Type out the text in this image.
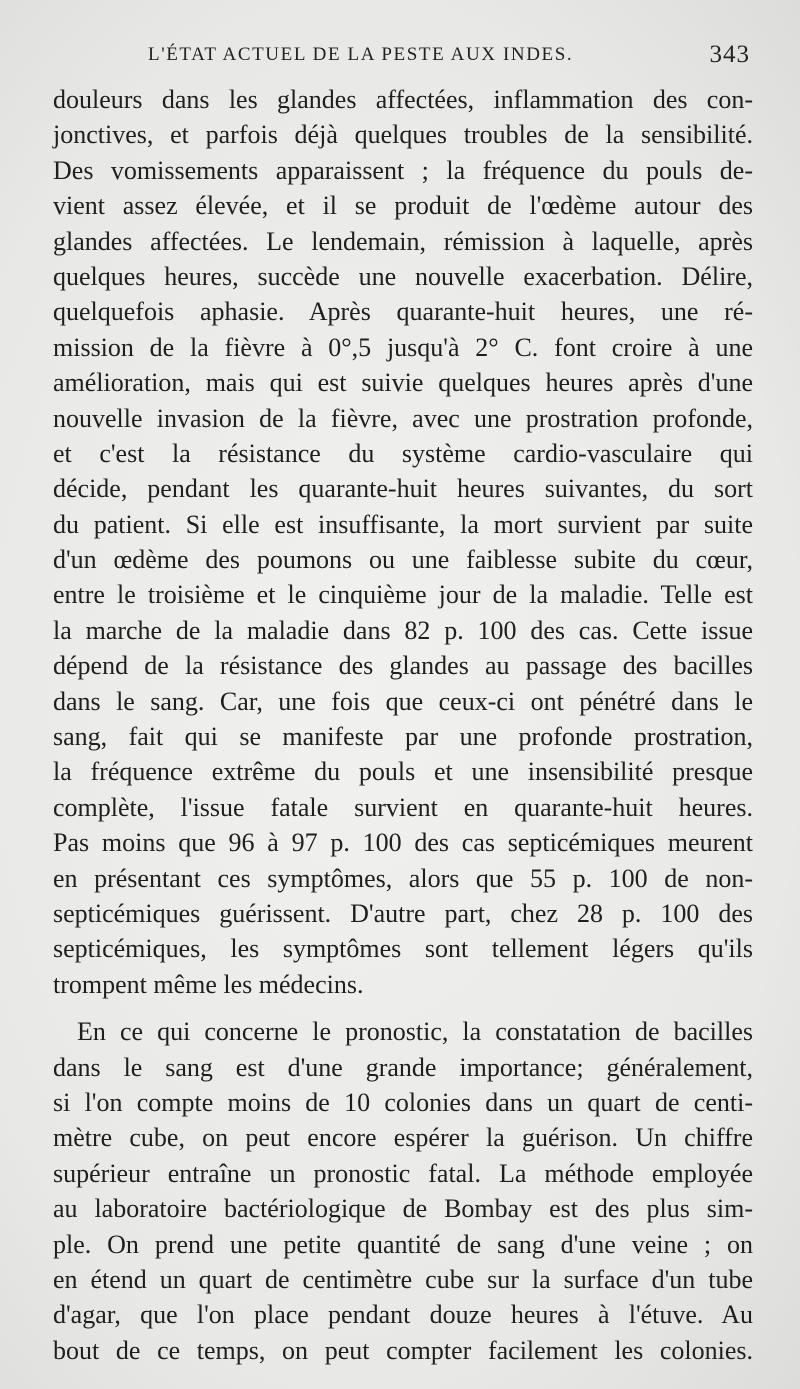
L'ÉTAT ACTUEL DE LA PESTE AUX INDES.	343
douleurs dans les glandes affectées, inflammation des con-
jonctives, et parfois déjà quelques troubles de la sensibilité.
Des vomissements apparaissent ; la fréquence du pouls de-
vient assez élevée, et il se produit de l'œdème autour des
glandes affectées. Le lendemain, rémission à laquelle, après
quelques heures, succède une nouvelle exacerbation. Délire,
quelquefois aphasie. Après quarante-huit heures, une ré-
mission de la fièvre à 0°,5 jusqu'à 2° C. font croire à une
amélioration, mais qui est suivie quelques heures après d'une
nouvelle invasion de la fièvre, avec une prostration profonde,
et c'est la résistance du système cardio-vasculaire qui
décide, pendant les quarante-huit heures suivantes, du sort
du patient. Si elle est insuffisante, la mort survient par suite
d'un œdème des poumons ou une faiblesse subite du cœur,
entre le troisième et le cinquième jour de la maladie. Telle est
la marche de la maladie dans 82 p. 100 des cas. Cette issue
dépend de la résistance des glandes au passage des bacilles
dans le sang. Car, une fois que ceux-ci ont pénétré dans le
sang, fait qui se manifeste par une profonde prostration,
la fréquence extrême du pouls et une insensibilité presque
complète, l'issue fatale survient en quarante-huit heures.
Pas moins que 96 à 97 p. 100 des cas septicémiques meurent
en présentant ces symptômes, alors que 55 p. 100 de non-
septicémiques guérissent. D'autre part, chez 28 p. 100 des
septicémiques, les symptômes sont tellement légers qu'ils
trompent même les médecins.
En ce qui concerne le pronostic, la constatation de bacilles
dans le sang est d'une grande importance; généralement,
si l'on compte moins de 10 colonies dans un quart de centi-
mètre cube, on peut encore espérer la guérison. Un chiffre
supérieur entraîne un pronostic fatal. La méthode employée
au laboratoire bactériologique de Bombay est des plus sim-
ple. On prend une petite quantité de sang d'une veine ; on
en étend un quart de centimètre cube sur la surface d'un tube
d'agar, que l'on place pendant douze heures à l'étuve. Au
bout de ce temps, on peut compter facilement les colonies.
